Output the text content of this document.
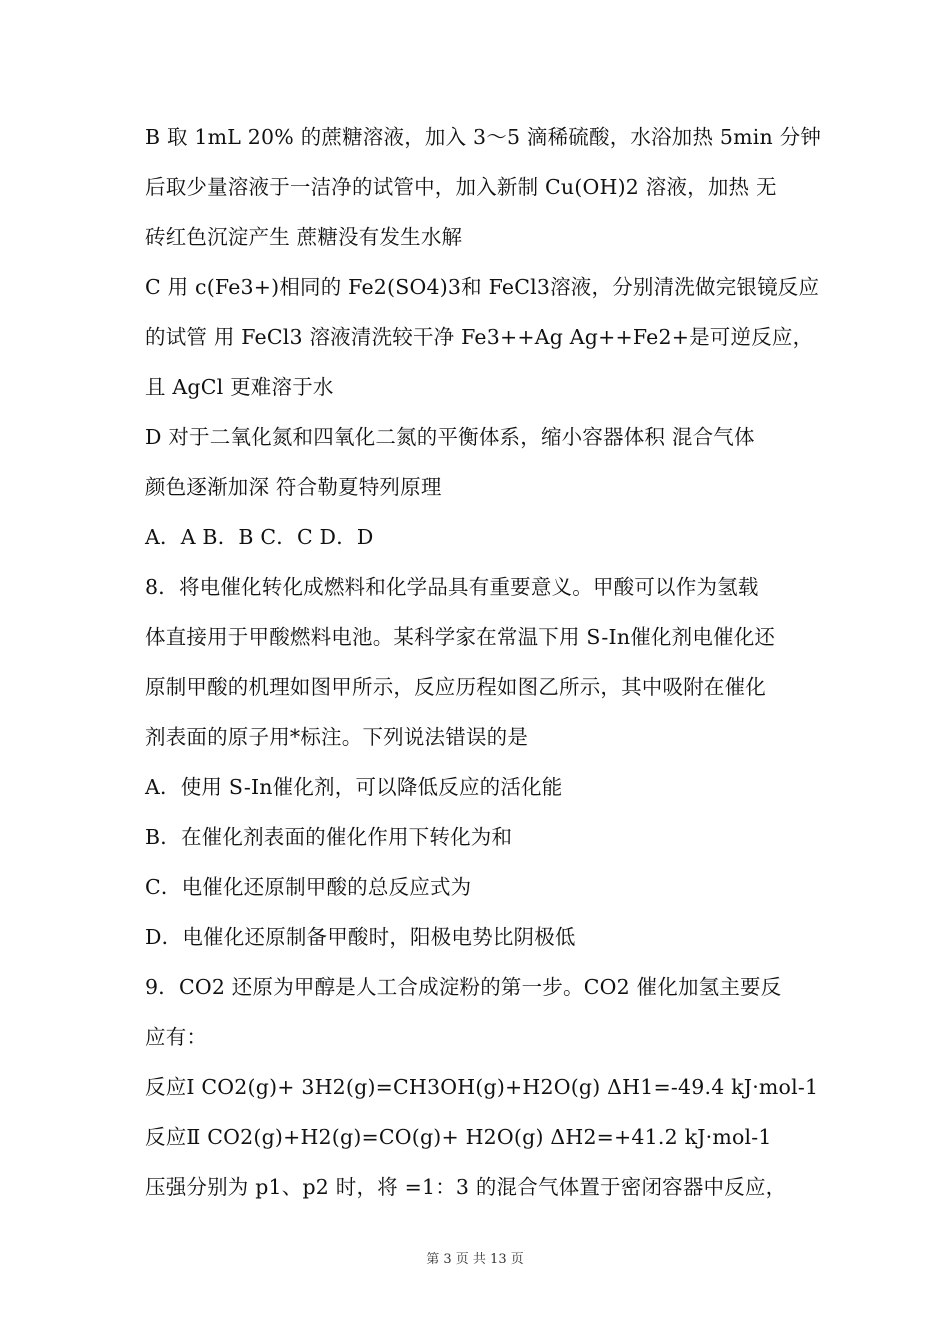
B 取 1mL 20% 的蔗糖溶液，加入 3～5 滴稀硫酸，水浴加热 5min 分钟
后取少量溶液于一洁净的试管中，加入新制 Cu(OH)2 溶液，加热 无
砖红色沉淀产生 蔗糖没有发生水解
C 用 c(Fe3+)相同的 Fe2(SO4)3和 FeCl3溶液，分别清洗做完银镜反应
的试管 用 FeCl3 溶液清洗较干净 Fe3++Ag Ag++Fe2+是可逆反应，
且 AgCl 更难溶于水
D 对于二氧化氮和四氧化二氮的平衡体系，缩小容器体积 混合气体
颜色逐渐加深 符合勒夏特列原理
A．A B．B C．C D．D
8．将电催化转化成燃料和化学品具有重要意义。甲酸可以作为氢载
体直接用于甲酸燃料电池。某科学家在常温下用 S-In催化剂电催化还
原制甲酸的机理如图甲所示，反应历程如图乙所示，其中吸附在催化
剂表面的原子用*标注。下列说法错误的是
A．使用 S-In催化剂，可以降低反应的活化能
B．在催化剂表面的催化作用下转化为和
C．电催化还原制甲酸的总反应式为
D．电催化还原制备甲酸时，阳极电势比阴极低
9．CO2 还原为甲醇是人工合成淀粉的第一步。CO2 催化加氢主要反
应有：
反应Ⅰ CO2(g)+ 3H2(g)=CH3OH(g)+H2O(g) ΔH1=-49.4 kJ·mol-1
反应Ⅱ CO2(g)+H2(g)=CO(g)+ H2O(g) ΔH2=+41.2 kJ·mol-1
压强分别为 p1、p2 时，将 =1：3 的混合气体置于密闭容器中反应，
第 3 页 共 13 页
